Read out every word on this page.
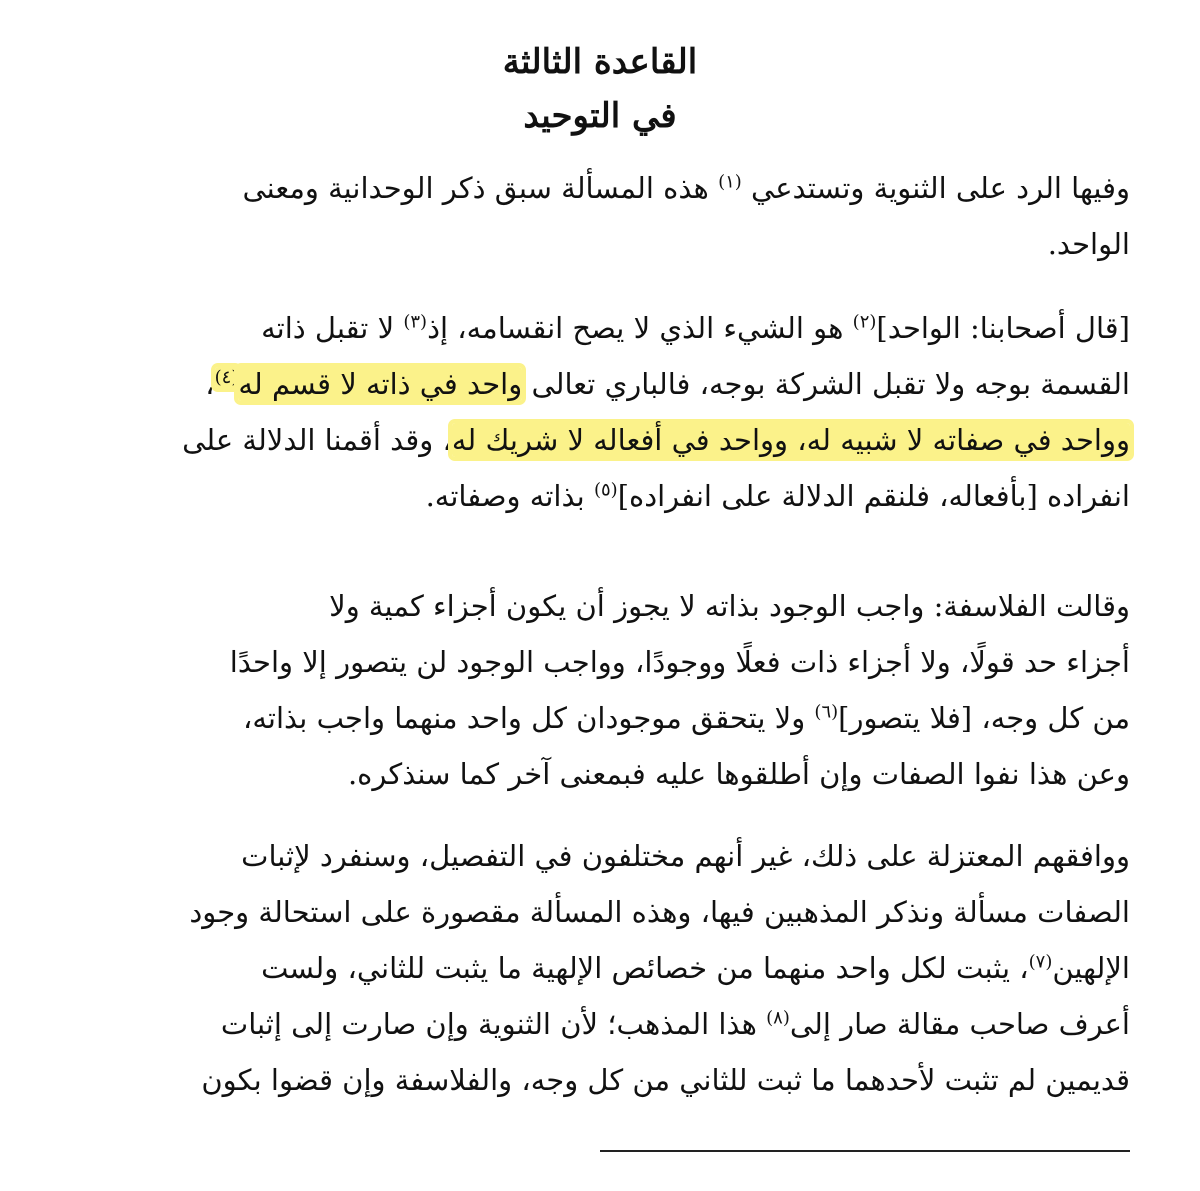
القاعدة الثالثة
في التوحيد
وفيها الرد على الثنوية وتستدعي $^{(١)}$ هذه المسألة سبق ذكر الوحدانية ومعنى
الواحد.
[قال أصحابنا: الواحد]$^{(٢)}$ هو الشيء الذي لا يصح انقسامه، إذ$^{(٣)}$ لا تقبل ذاته
القسمة بوجه ولا تقبل الشركة بوجه، فالباري تعالى واحد في ذاته لا قسم له$^{(٤)}$،
وواحد في صفاته لا شبيه له، وواحد في أفعاله لا شريك له، وقد أقمنا الدلالة على
انفراده [بأفعاله، فلنقم الدلالة على انفراده]$^{(٥)}$ بذاته وصفاته.
وقالت الفلاسفة: واجب الوجود بذاته لا يجوز أن يكون أجزاء كمية ولا
أجزاء حد قولًا، ولا أجزاء ذات فعلًا ووجودًا، وواجب الوجود لن يتصور إلا واحدًا
من كل وجه، [فلا يتصور]$^{(٦)}$ ولا يتحقق موجودان كل واحد منهما واجب بذاته،
وعن هذا نفوا الصفات وإن أطلقوها عليه فبمعنى آخر كما سنذكره.
ووافقهم المعتزلة على ذلك، غير أنهم مختلفون في التفصيل، وسنفرد لإثبات
الصفات مسألة ونذكر المذهبين فيها، وهذه المسألة مقصورة على استحالة وجود
الإلهين$^{(٧)}$، يثبت لكل واحد منهما من خصائص الإلهية ما يثبت للثاني، ولست
أعرف صاحب مقالة صار إلى$^{(٨)}$ هذا المذهب؛ لأن الثنوية وإن صارت إلى إثبات
قديمين لم تثبت لأحدهما ما ثبت للثاني من كل وجه، والفلاسفة وإن قضوا بكون
